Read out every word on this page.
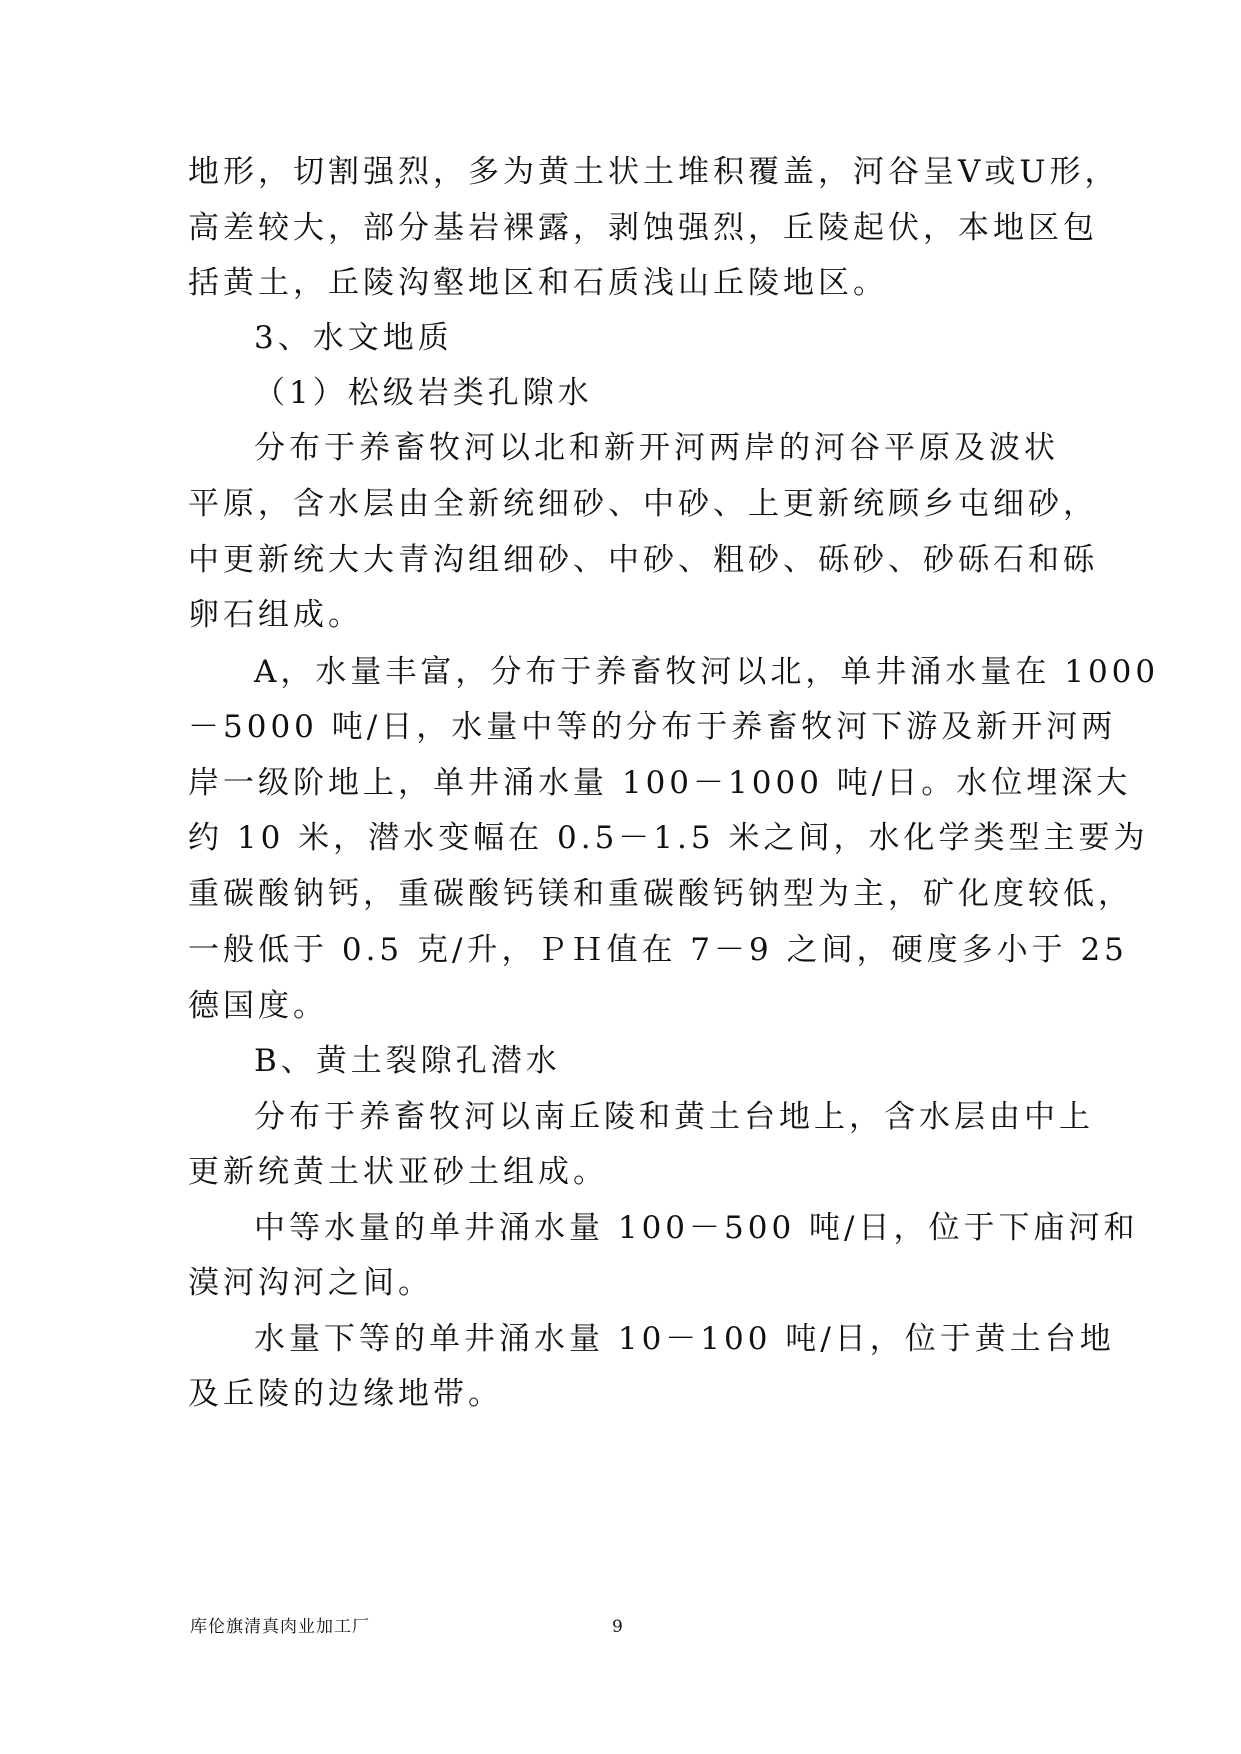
地形，切割强烈，多为黄土状土堆积覆盖，河谷呈V或U形，
高差较大，部分基岩裸露，剥蚀强烈，丘陵起伏，本地区包
括黄土，丘陵沟壑地区和石质浅山丘陵地区。
3、水文地质
（1）松级岩类孔隙水
分布于养畜牧河以北和新开河两岸的河谷平原及波状
平原，含水层由全新统细砂、中砂、上更新统顾乡屯细砂，
中更新统大大青沟组细砂、中砂、粗砂、砾砂、砂砾石和砾
卵石组成。
A，水量丰富，分布于养畜牧河以北，单井涌水量在 1000
－5000 吨/日，水量中等的分布于养畜牧河下游及新开河两
岸一级阶地上，单井涌水量 100－1000 吨/日。水位埋深大
约 10 米，潜水变幅在 0.5－1.5 米之间，水化学类型主要为
重碳酸钠钙，重碳酸钙镁和重碳酸钙钠型为主，矿化度较低，
一般低于 0.5 克/升，ＰＨ值在 7－9 之间，硬度多小于 25
德国度。
B、黄土裂隙孔潜水
分布于养畜牧河以南丘陵和黄土台地上，含水层由中上
更新统黄土状亚砂土组成。
中等水量的单井涌水量 100－500 吨/日，位于下庙河和
漠河沟河之间。
水量下等的单井涌水量 10－100 吨/日，位于黄土台地
及丘陵的边缘地带。
库伦旗清真肉业加工厂	9
